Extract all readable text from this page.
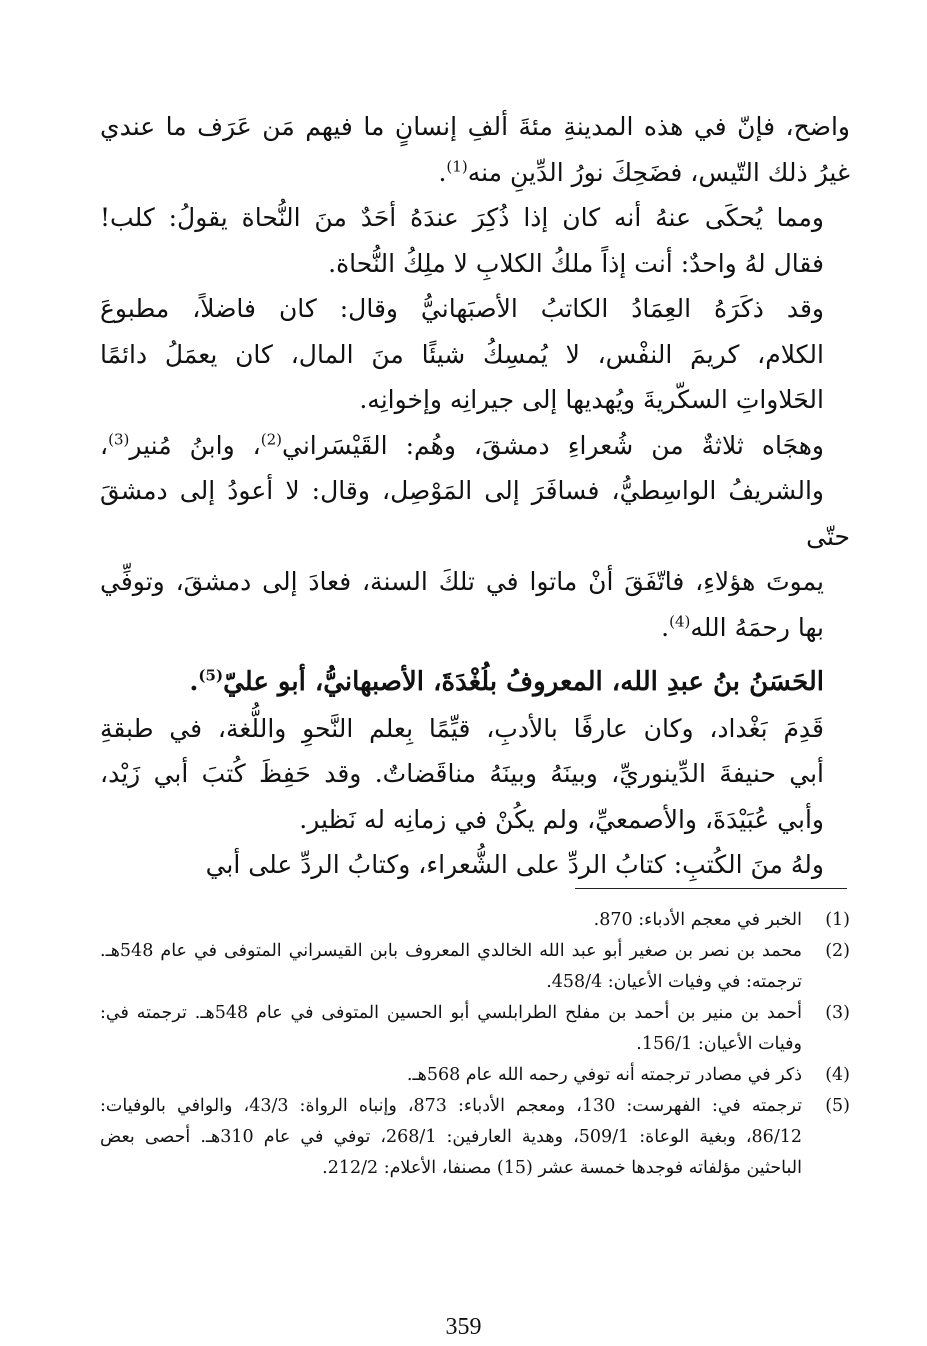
واضح، فإنّ في هذه المدينةِ مئةَ ألفِ إنسانٍ ما فيهم مَن عَرَف ما عندي
غيرُ ذلك التّيس، فضَحِكَ نورُ الدِّينِ منه$^{(1)}$.

ومما يُحكَى عنهُ أنه كان إذا ذُكِرَ عندَهُ أحَدٌ منَ النُّحاة يقولُ: كلب!
فقال لهُ واحدٌ: أنت إذاً ملكُ الكلابِ لا ملِكُ النُّحاة.

وقد ذكَرَهُ العِمَادُ الكاتبُ الأصبَهانيُّ وقال: كان فاضلاً، مطبوعَ
الكلام، كريمَ النفْس، لا يُمسِكُ شيئًا منَ المال، كان يعمَلُ دائمًا
الحَلاواتِ السكّريةَ ويُهديها إلى جيرانِه وإخوانِه.

وهجَاه ثلاثةٌ من شُعراءِ دمشقَ، وهُم: القَيْسَراني$^{(2)}$، وابنُ مُنير$^{(3)}$،
والشريفُ الواسِطيُّ، فسافَرَ إلى المَوْصِل، وقال: لا أعودُ إلى دمشقَ حتّى
يموتَ هؤلاءِ، فاتّفَقَ أنْ ماتوا في تلكَ السنة، فعادَ إلى دمشقَ، وتوفِّي
بها رحمَهُ الله$^{(4)}$.

الحَسَنُ بنُ عبدِ الله، المعروفُ بلُغْدَةَ، الأصبهانيُّ، أبو عليّ$^{(5)}$.

قَدِمَ بَغْداد، وكان عارفًا بالأدبِ، قيِّمًا بِعلم النَّحوِ واللُّغة، في طبقةِ
أبي حنيفةَ الدِّينوريِّ، وبينَهُ وبينَهُ مناقَضاتٌ. وقد حَفِظَ كُتبَ أبي زَيْد،
وأبي عُبَيْدَةَ، والأصمعيِّ، ولم يكُنْ في زمانِه له نَظير.

ولهُ منَ الكُتبِ: كتابُ الردِّ على الشُّعراء، وكتابُ الردِّ على أبي

(1)
الخبر في معجم الأدباء: 870.
(2)
محمد بن نصر بن صغير أبو عبد الله الخالدي المعروف بابن القيسراني المتوفى في عام 548هـ. ترجمته: في وفيات الأعيان: 458/4.
(3)
أحمد بن منير بن أحمد بن مفلح الطرابلسي أبو الحسين المتوفى في عام 548هـ. ترجمته في: وفيات الأعيان: 156/1.
(4)
ذكر في مصادر ترجمته أنه توفي رحمه الله عام 568هـ.
(5)
ترجمته في: الفهرست: 130، ومعجم الأدباء: 873، وإنباه الرواة: 43/3، والوافي بالوفيات: 86/12، وبغية الوعاة: 509/1، وهدية العارفين: 268/1، توفي في عام 310هـ. أحصى بعض الباحثين مؤلفاته فوجدها خمسة عشر (15) مصنفا، الأعلام: 212/2.
359
